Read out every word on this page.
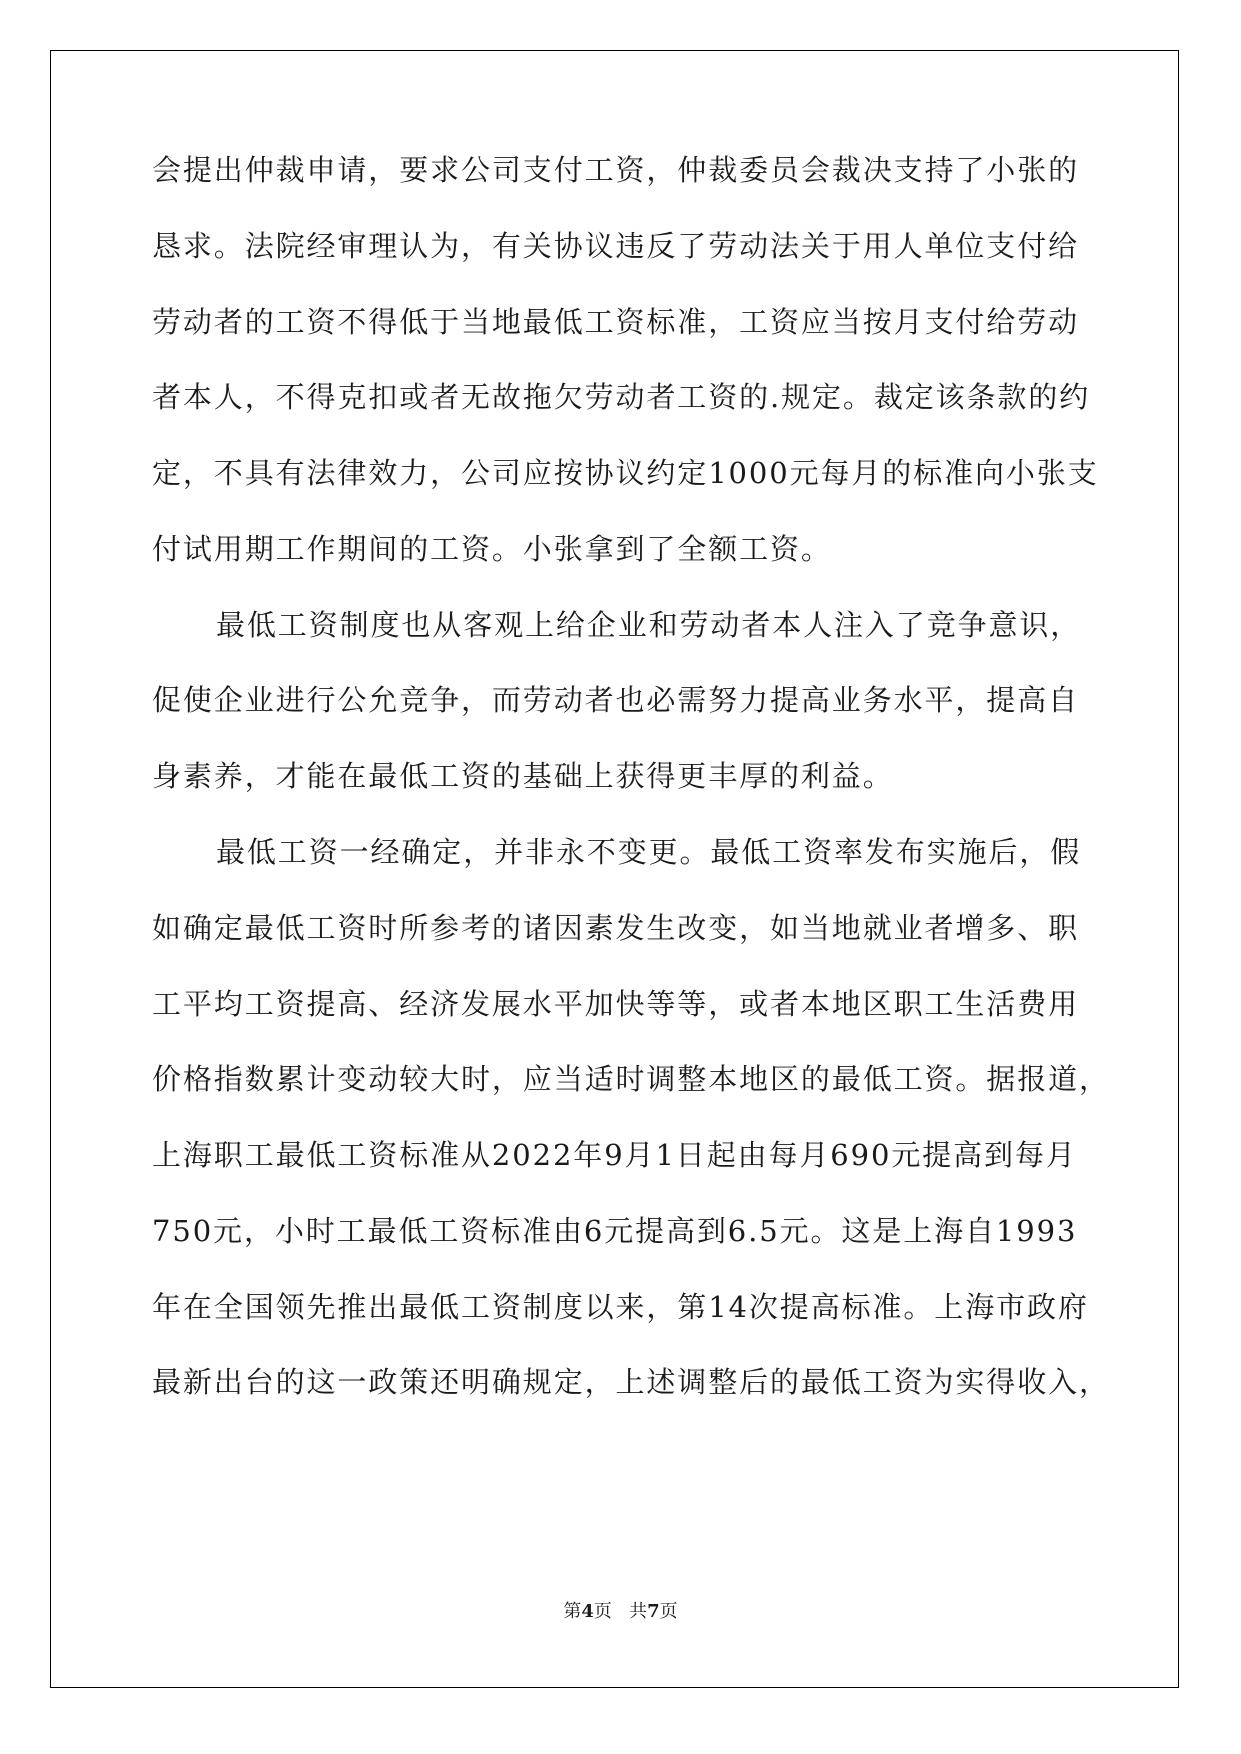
会提出仲裁申请，要求公司支付工资，仲裁委员会裁决支持了小张的
恳求。法院经审理认为，有关协议违反了劳动法关于用人单位支付给
劳动者的工资不得低于当地最低工资标准，工资应当按月支付给劳动
者本人，不得克扣或者无故拖欠劳动者工资的.规定。裁定该条款的约
定，不具有法律效力，公司应按协议约定1000元每月的标准向小张支
付试用期工作期间的工资。小张拿到了全额工资。
最低工资制度也从客观上给企业和劳动者本人注入了竞争意识，
促使企业进行公允竞争，而劳动者也必需努力提高业务水平，提高自
身素养，才能在最低工资的基础上获得更丰厚的利益。
最低工资一经确定，并非永不变更。最低工资率发布实施后，假
如确定最低工资时所参考的诸因素发生改变，如当地就业者增多、职
工平均工资提高、经济发展水平加快等等，或者本地区职工生活费用
价格指数累计变动较大时，应当适时调整本地区的最低工资。据报道，
上海职工最低工资标准从2022年9月1日起由每月690元提高到每月
750元，小时工最低工资标准由6元提高到6.5元。这是上海自1993
年在全国领先推出最低工资制度以来，第14次提高标准。上海市政府
最新出台的这一政策还明确规定，上述调整后的最低工资为实得收入，
第4页 共7页
